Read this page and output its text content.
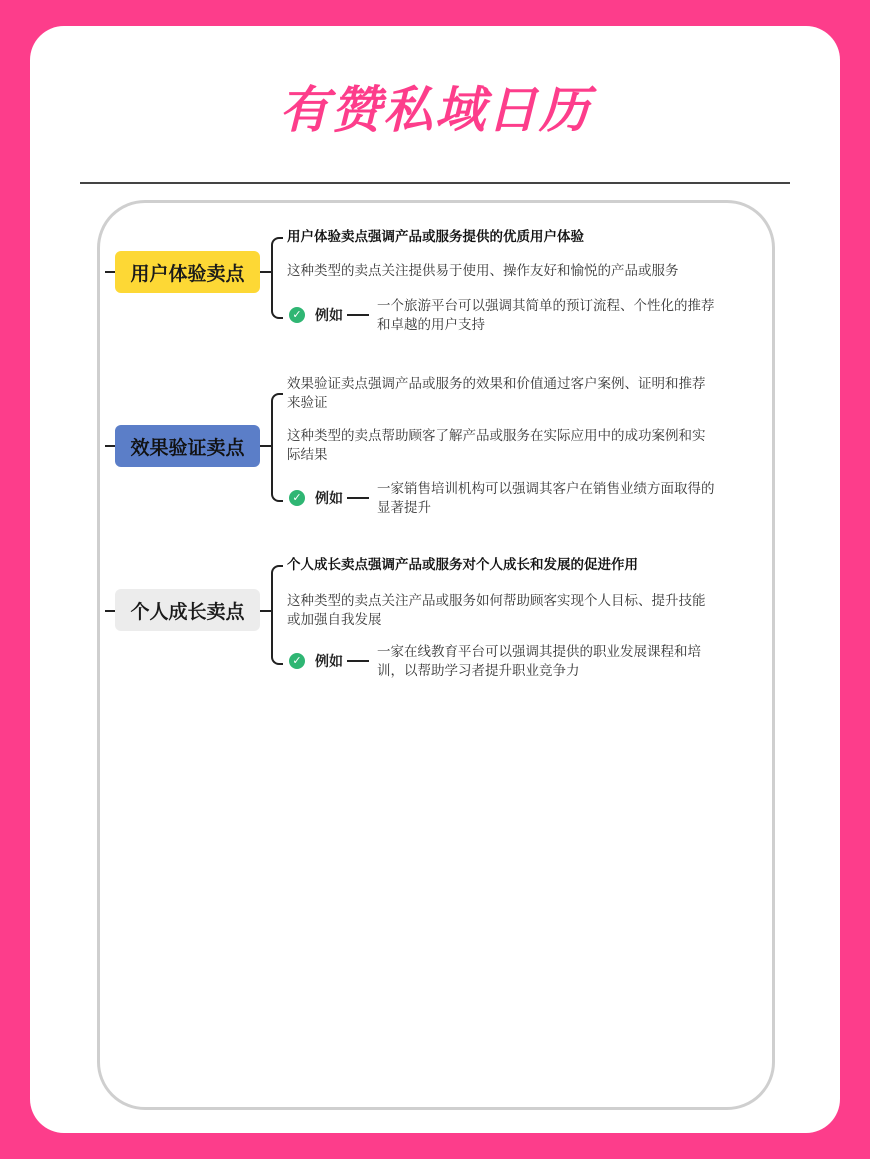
有赞私域日历
用户体验卖点
用户体验卖点强调产品或服务提供的优质用户体验
这种类型的卖点关注提供易于使用、操作友好和愉悦的产品或服务
✓ 例如
一个旅游平台可以强调其简单的预订流程、个性化的推荐和卓越的用户支持
效果验证卖点
效果验证卖点强调产品或服务的效果和价值通过客户案例、证明和推荐来验证
这种类型的卖点帮助顾客了解产品或服务在实际应用中的成功案例和实际结果
✓ 例如
一家销售培训机构可以强调其客户在销售业绩方面取得的显著提升
个人成长卖点
个人成长卖点强调产品或服务对个人成长和发展的促进作用
这种类型的卖点关注产品或服务如何帮助顾客实现个人目标、提升技能或加强自我发展
✓ 例如
一家在线教育平台可以强调其提供的职业发展课程和培训，以帮助学习者提升职业竞争力
